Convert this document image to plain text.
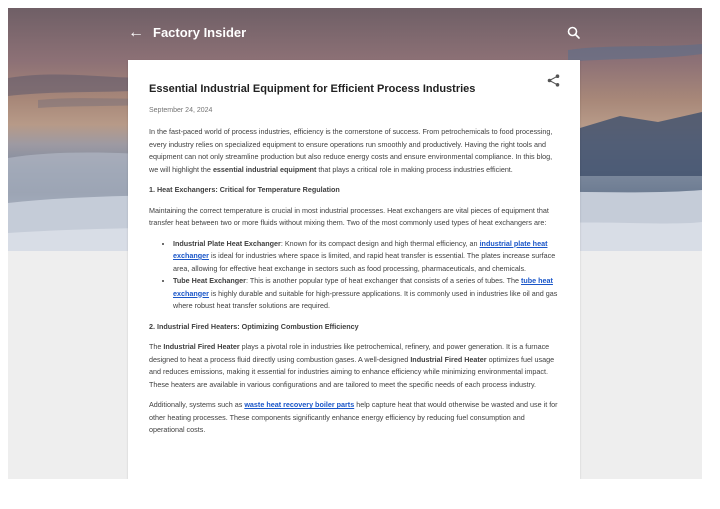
← Factory Insider
Essential Industrial Equipment for Efficient Process Industries
September 24, 2024

In the fast-paced world of process industries, efficiency is the cornerstone of success. From petrochemicals to food processing, every industry relies on specialized equipment to ensure operations run smoothly and productively. Having the right tools and equipment can not only streamline production but also reduce energy costs and ensure environmental compliance. In this blog, we will highlight the essential industrial equipment that plays a critical role in making process industries efficient.

1. Heat Exchangers: Critical for Temperature Regulation

Maintaining the correct temperature is crucial in most industrial processes. Heat exchangers are vital pieces of equipment that transfer heat between two or more fluids without mixing them. Two of the most commonly used types of heat exchangers are:

• Industrial Plate Heat Exchanger: Known for its compact design and high thermal efficiency, an industrial plate heat exchanger is ideal for industries where space is limited, and rapid heat transfer is essential. The plates increase surface area, allowing for effective heat exchange in sectors such as food processing, pharmaceuticals, and chemicals.
• Tube Heat Exchanger: This is another popular type of heat exchanger that consists of a series of tubes. The tube heat exchanger is highly durable and suitable for high-pressure applications. It is commonly used in industries like oil and gas where robust heat transfer solutions are required.
2. Industrial Fired Heaters: Optimizing Combustion Efficiency

The Industrial Fired Heater plays a pivotal role in industries like petrochemical, refinery, and power generation. It is a furnace designed to heat a process fluid directly using combustion gases. A well-designed Industrial Fired Heater optimizes fuel usage and reduces emissions, making it essential for industries aiming to enhance efficiency while minimizing environmental impact. These heaters are available in various configurations and are tailored to meet the specific needs of each process industry.

Additionally, systems such as waste heat recovery boiler parts help capture heat that would otherwise be wasted and use it for other heating processes. These components significantly enhance energy efficiency by reducing fuel consumption and operational costs.
